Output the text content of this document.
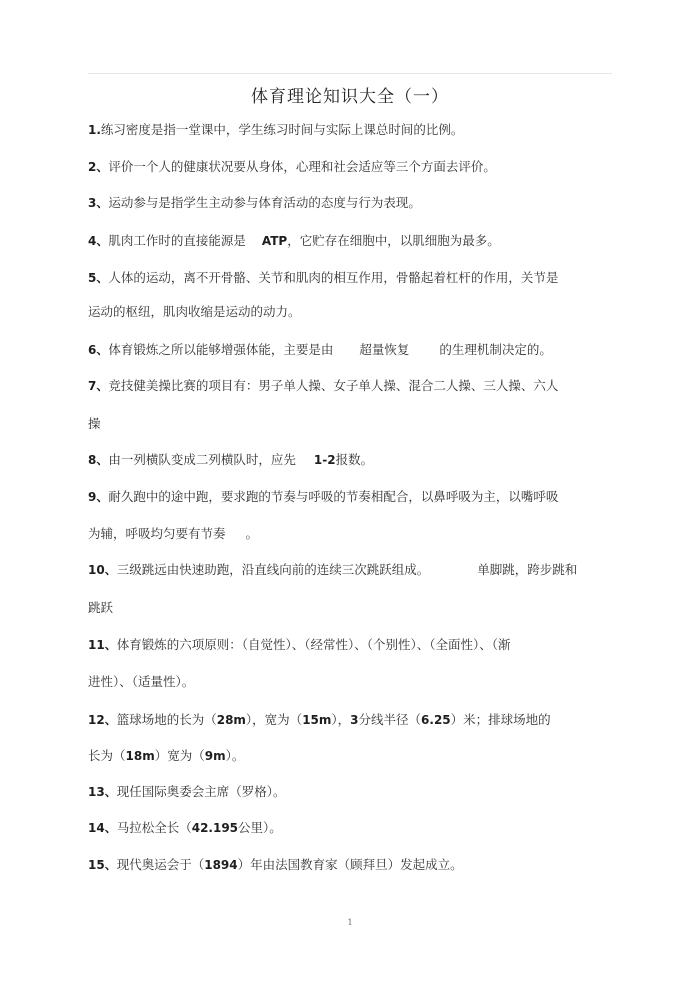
体育理论知识大全（一）
1.练习密度是指一堂课中，学生练习时间与实际上课总时间的比例。
2、评价一个人的健康状况要从身体，心理和社会适应等三个方面去评价。
3、运动参与是指学生主动参与体育活动的态度与行为表现。
4、肌肉工作时的直接能源是 ATP，它贮存在细胞中，以肌细胞为最多。
5、人体的运动，离不开骨骼、关节和肌肉的相互作用，骨骼起着杠杆的作用，关节是
运动的枢纽，肌肉收缩是运动的动力。
6、体育锻炼之所以能够增强体能，主要是由 超量恢复 的生理机制决定的。
7、竞技健美操比赛的项目有：男子单人操、女子单人操、混合二人操、三人操、六人
操
8、由一列横队变成二列横队时，应先 1-2报数。
9、耐久跑中的途中跑，要求跑的节奏与呼吸的节奏相配合，以鼻呼吸为主，以嘴呼吸
为辅，呼吸均匀要有节奏 。
10、三级跳远由快速助跑，沿直线向前的连续三次跳跃组成。	单脚跳，跨步跳和
跳跃
11、体育锻炼的六项原则：（自觉性）、（经常性）、（个别性）、（全面性）、（渐
进性）、（适量性）。
12、篮球场地的长为（28m），宽为（15m），3分线半径（6.25）米；排球场地的
长为（18m）宽为（9m）。
13、现任国际奥委会主席（罗格）。
14、马拉松全长（42.195公里）。
15、现代奥运会于（1894）年由法国教育家（顾拜旦）发起成立。
1
